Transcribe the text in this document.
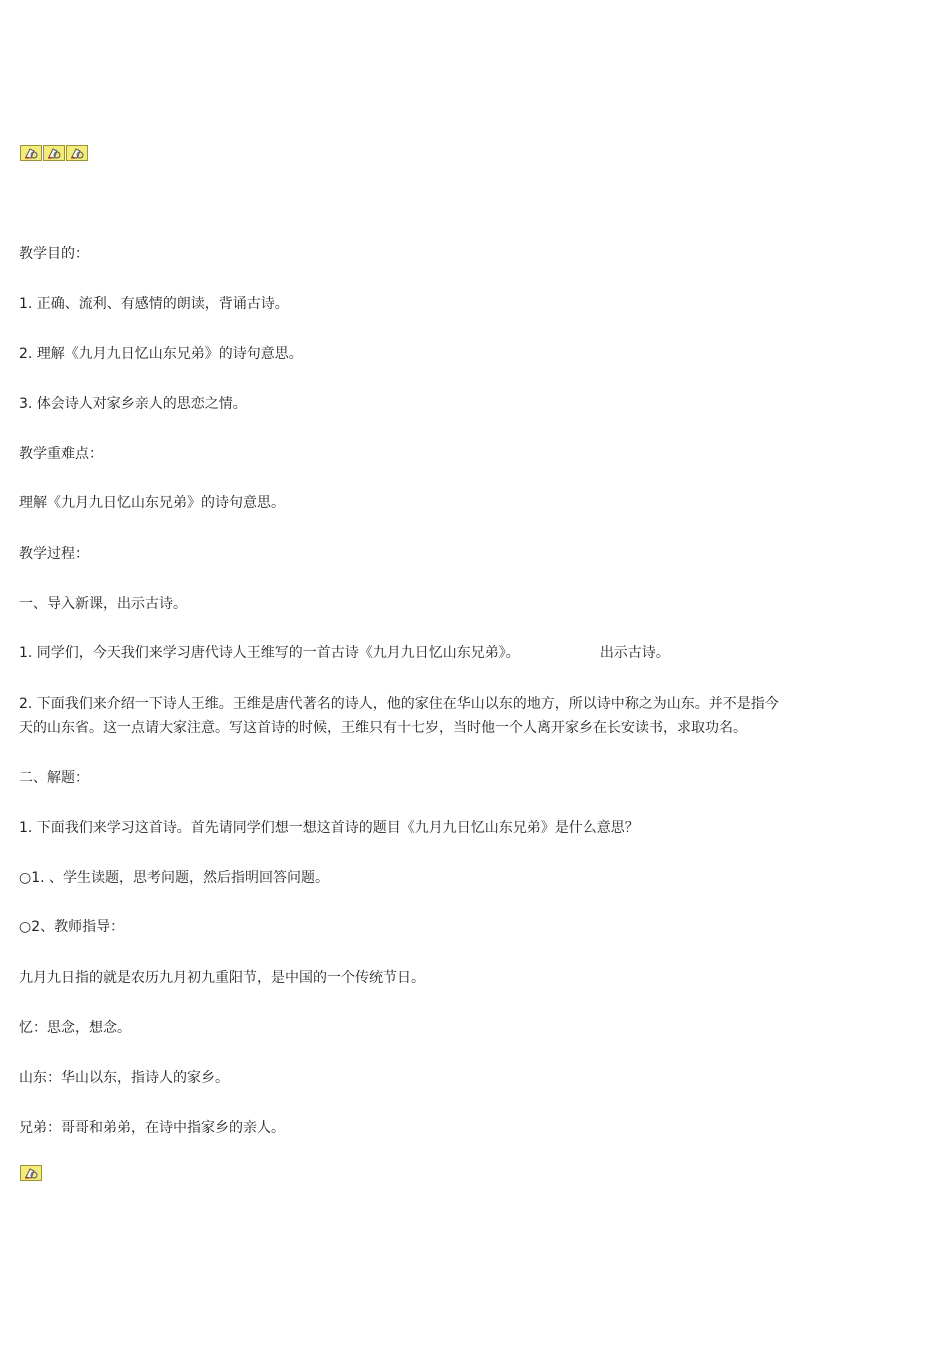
教学目的：

1. 正确、流利、有感情的朗读，背诵古诗。

2. 理解《九月九日忆山东兄弟》的诗句意思。

3. 体会诗人对家乡亲人的思恋之情。

教学重难点：

理解《九月九日忆山东兄弟》的诗句意思。

教学过程：

一、导入新课，出示古诗。

1. 同学们，今天我们来学习唐代诗人王维写的一首古诗《九月九日忆山东兄弟》。	出示古诗。

2. 下面我们来介绍一下诗人王维。王维是唐代著名的诗人，他的家住在华山以东的地方，所以诗中称之为山东。并不是指今

天的山东省。这一点请大家注意。写这首诗的时候，王维只有十七岁，当时他一个人离开家乡在长安读书，求取功名。

二、解题：

1. 下面我们来学习这首诗。首先请同学们想一想这首诗的题目《九月九日忆山东兄弟》是什么意思？

○1. 、学生读题，思考问题，然后指明回答问题。

○2、教师指导：

九月九日指的就是农历九月初九重阳节，是中国的一个传统节日。

忆：思念，想念。

山东：华山以东，指诗人的家乡。

兄弟：哥哥和弟弟，在诗中指家乡的亲人。
